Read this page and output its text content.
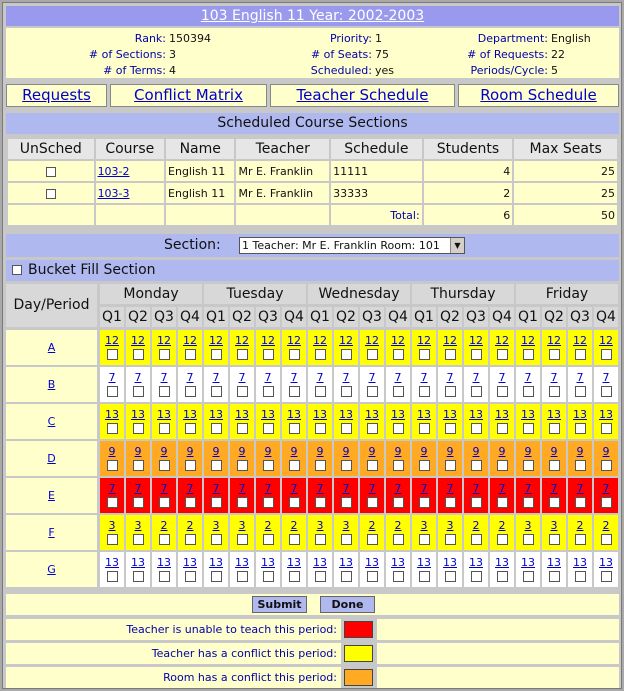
103 English 11 Year: 2002-2003
Rank: 150394
# of Sections: 3
# of Terms: 4
Priority: 1
# of Seats: 75
Scheduled: yes
Department: English
# of Requests: 22
Periods/Cycle: 5
Requests	Conflict Matrix	Teacher Schedule	Room Schedule
Scheduled Course Sections
UnSched	Course	Name	Teacher	Schedule	Students	Max Seats
	103-2	English 11	Mr E. Franklin	11111	4	25
	103-3	English 11	Mr E. Franklin	33333	2	25
				Total:	6	50
Section: 1 Teacher: Mr E. Franklin Room: 101	▼
Bucket Fill Section
Day/Period
Monday
Q1 Q2 Q3 Q4
Tuesday
Q1 Q2 Q3 Q4
Wednesday
Q1 Q2 Q3 Q4
Thursday
Q1 Q2 Q3 Q4
Friday
Q1 Q2 Q3 Q4
A
12	12	12	12	12	12	12	12	12	12	12	12	12	12	12	12	12	12	12	12
B
7	7	7	7	7	7	7	7	7	7	7	7	7	7	7	7	7	7	7	7
C
13	13	13	13	13	13	13	13	13	13	13	13	13	13	13	13	13	13	13	13
D
9	9	9	9	9	9	9	9	9	9	9	9	9	9	9	9	9	9	9	9
E
7	7	7	7	7	7	7	7	7	7	7	7	7	7	7	7	7	7	7	7
F
3	3	2	2	3	3	2	2	3	3	2	2	3	3	2	2	3	3	2	2
G
13	13	13	13	13	13	13	13	13	13	13	13	13	13	13	13	13	13	13	13
Submit	Done
Teacher is unable to teach this period:
Teacher has a conflict this period:
Room has a conflict this period:
